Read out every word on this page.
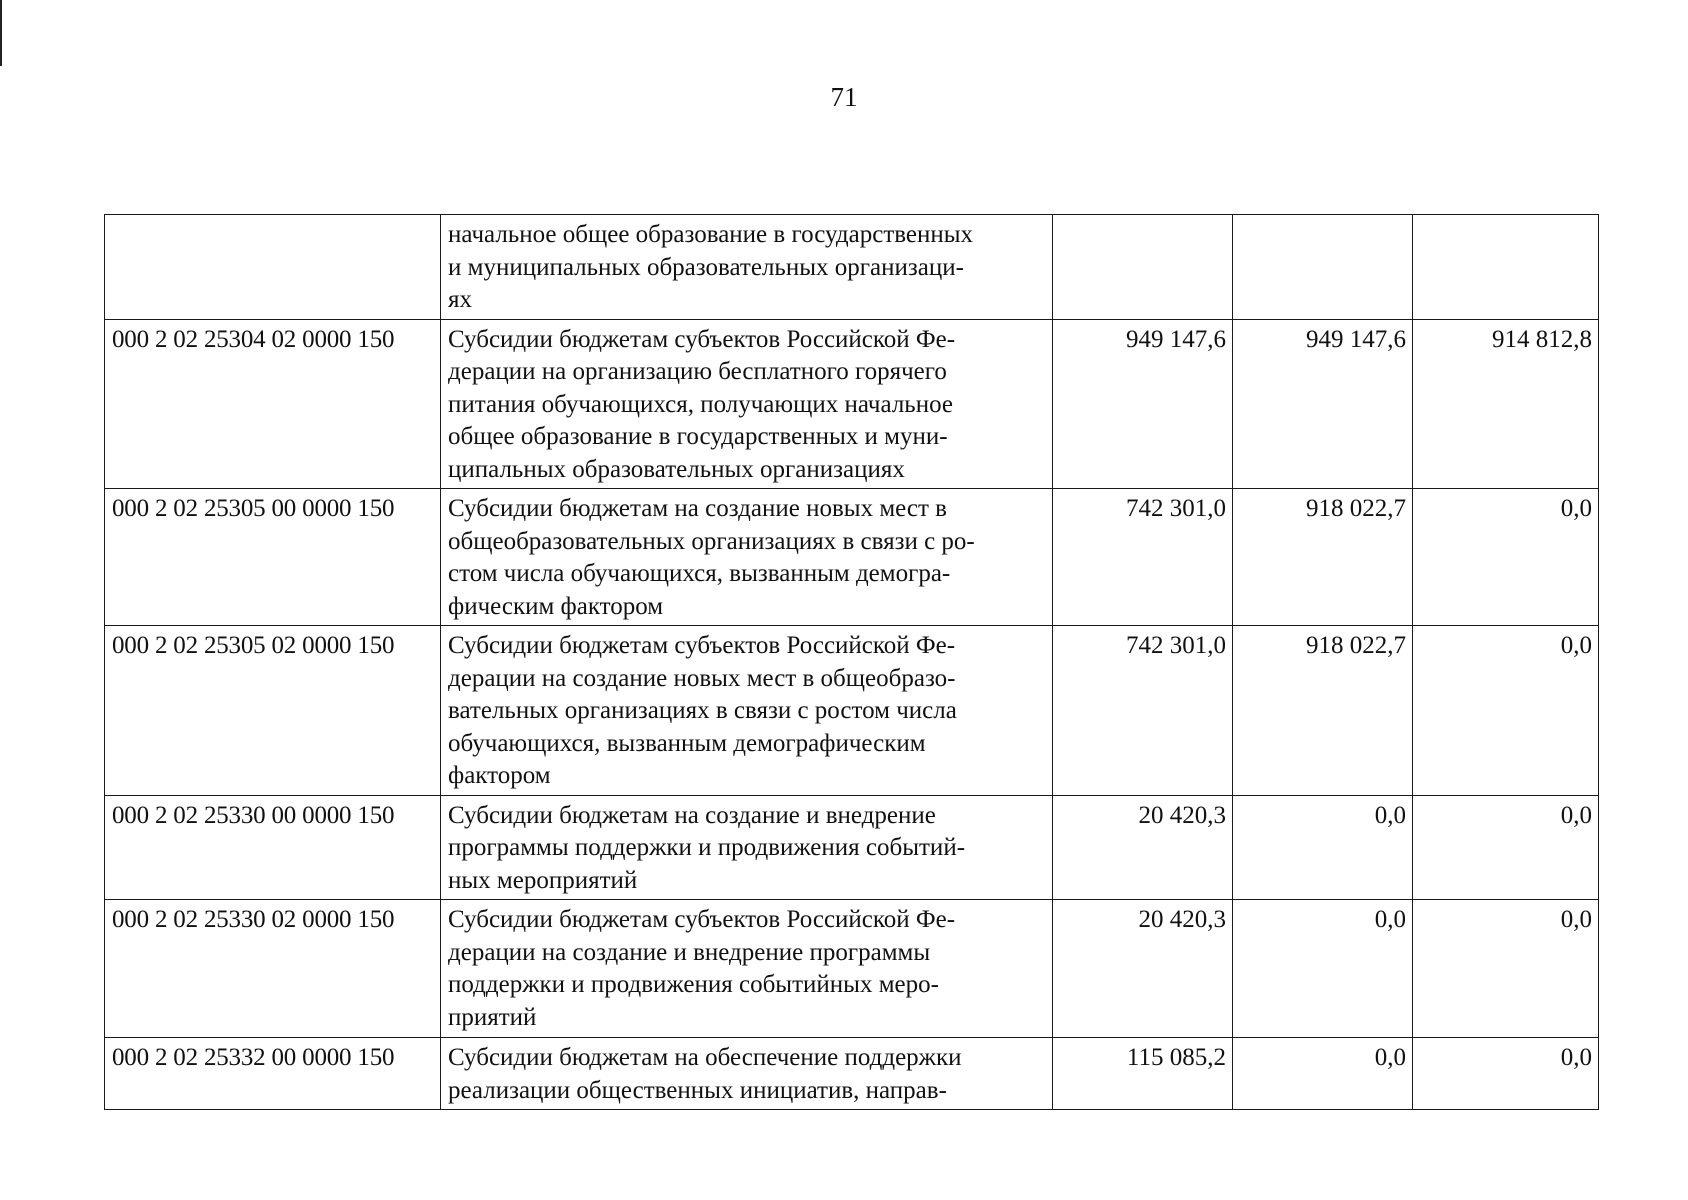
71

	начальное общее образование в государственных
и муниципальных образовательных организаци-
ях			

000 2 02 25304 02 0000 150	Субсидии бюджетам субъектов Российской Фе-
дерации на организацию бесплатного горячего
питания обучающихся, получающих начальное
общее образование в государственных и муни-
ципальных образовательных организациях	949 147,6	949 147,6	914 812,8
000 2 02 25305 00 0000 150	Субсидии бюджетам на создание новых мест в
общеобразовательных организациях в связи с ро-
стом числа обучающихся, вызванным демогра-
фическим фактором	742 301,0	918 022,7	0,0
000 2 02 25305 02 0000 150	Субсидии бюджетам субъектов Российской Фе-
дерации на создание новых мест в общеобразо-
вательных организациях в связи с ростом числа
обучающихся, вызванным демографическим
фактором	742 301,0	918 022,7	0,0
000 2 02 25330 00 0000 150	Субсидии бюджетам на создание и внедрение
программы поддержки и продвижения событий-
ных мероприятий	20 420,3	0,0	0,0
000 2 02 25330 02 0000 150	Субсидии бюджетам субъектов Российской Фе-
дерации на создание и внедрение программы
поддержки и продвижения событийных меро-
приятий	20 420,3	0,0	0,0
000 2 02 25332 00 0000 150	Субсидии бюджетам на обеспечение поддержки
реализации общественных инициатив, направ-	115 085,2	0,0	0,0
